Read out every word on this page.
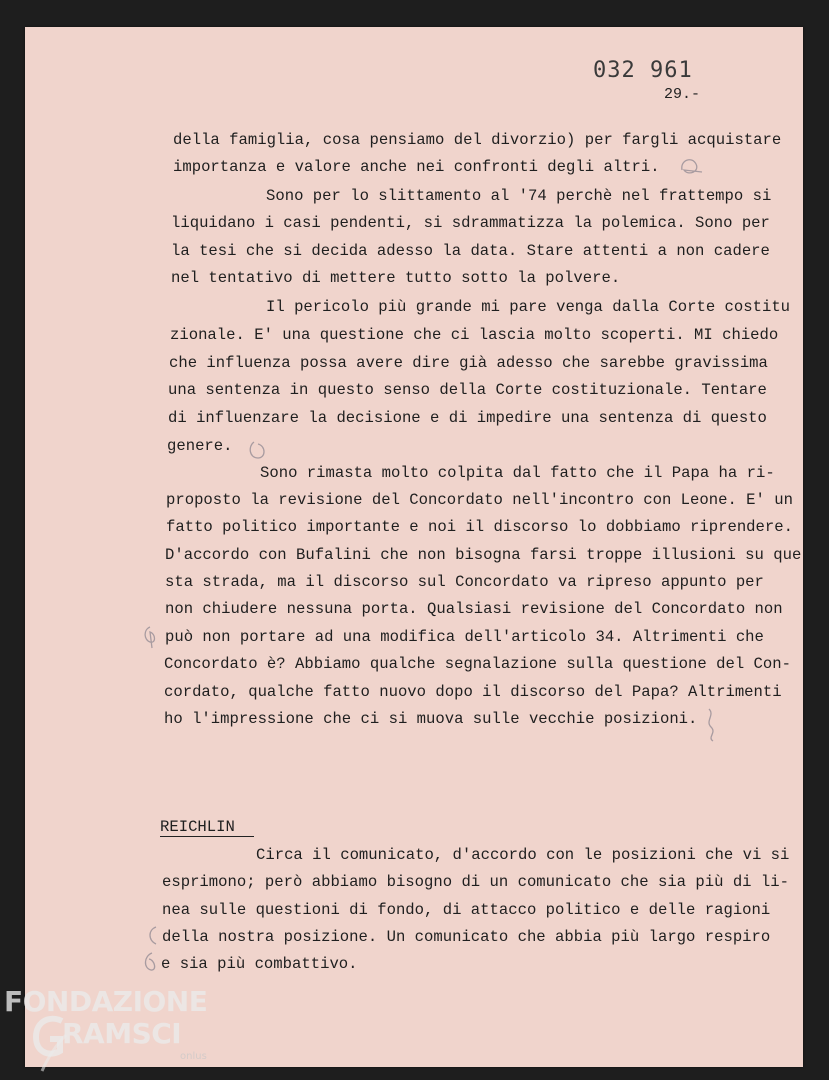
032 961
29.-
della famiglia, cosa pensiamo del divorzio) per fargli acquistare
importanza e valore anche nei confronti degli altri.
Sono per lo slittamento al '74 perchè nel frattempo si
liquidano i casi pendenti, si sdrammatizza la polemica. Sono per
la tesi che si decida adesso la data. Stare attenti a non cadere
nel tentativo di mettere tutto sotto la polvere.
Il pericolo più grande mi pare venga dalla Corte costitu
zionale. E' una questione che ci lascia molto scoperti. MI chiedo
che influenza possa avere dire già adesso che sarebbe gravissima
una sentenza in questo senso della Corte costituzionale. Tentare
di influenzare la decisione e di impedire una sentenza di questo
genere.
Sono rimasta molto colpita dal fatto che il Papa ha ri-
proposto la revisione del Concordato nell'incontro con Leone. E' un
fatto politico importante e noi il discorso lo dobbiamo riprendere.
D'accordo con Bufalini che non bisogna farsi troppe illusioni su que
sta strada, ma il discorso sul Concordato va ripreso appunto per
non chiudere nessuna porta. Qualsiasi revisione del Concordato non
può non portare ad una modifica dell'articolo 34. Altrimenti che
Concordato è? Abbiamo qualche segnalazione sulla questione del Con-
cordato, qualche fatto nuovo dopo il discorso del Papa? Altrimenti
ho l'impressione che ci si muova sulle vecchie posizioni.
REICHLIN
Circa il comunicato, d'accordo con le posizioni che vi si
esprimono; però abbiamo bisogno di un comunicato che sia più di li-
nea sulle questioni di fondo, di attacco politico e delle ragioni
della nostra posizione. Un comunicato che abbia più largo respiro
e sia più combattivo.
FONDAZIONE
RAMSCI
onlus
